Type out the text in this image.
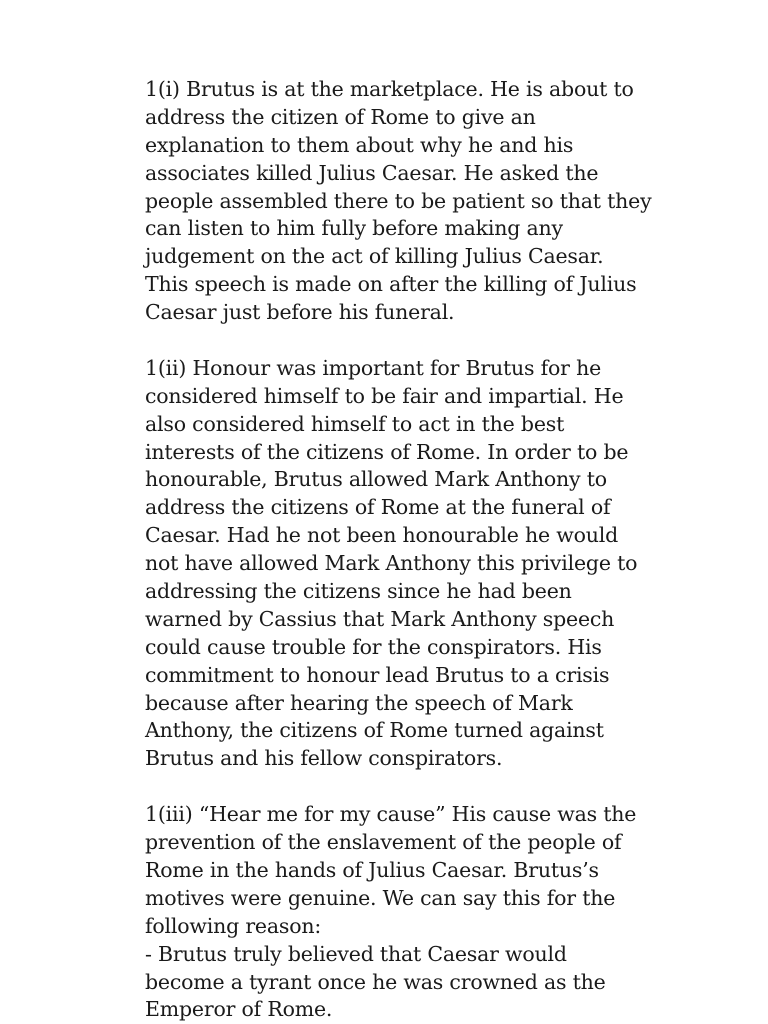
1(i) Brutus is at the marketplace. He is about to
address the citizen of Rome to give an
explanation to them about why he and his
associates killed Julius Caesar. He asked the
people assembled there to be patient so that they
can listen to him fully before making any
judgement on the act of killing Julius Caesar.
This speech is made on after the killing of Julius
Caesar just before his funeral.
1(ii) Honour was important for Brutus for he
considered himself to be fair and impartial. He
also considered himself to act in the best
interests of the citizens of Rome. In order to be
honourable, Brutus allowed Mark Anthony to
address the citizens of Rome at the funeral of
Caesar. Had he not been honourable he would
not have allowed Mark Anthony this privilege to
addressing the citizens since he had been
warned by Cassius that Mark Anthony speech
could cause trouble for the conspirators. His
commitment to honour lead Brutus to a crisis
because after hearing the speech of Mark
Anthony, the citizens of Rome turned against
Brutus and his fellow conspirators.
1(iii) “Hear me for my cause” His cause was the
prevention of the enslavement of the people of
Rome in the hands of Julius Caesar. Brutus’s
motives were genuine. We can say this for the
following reason:
- Brutus truly believed that Caesar would
become a tyrant once he was crowned as the
Emperor of Rome.
